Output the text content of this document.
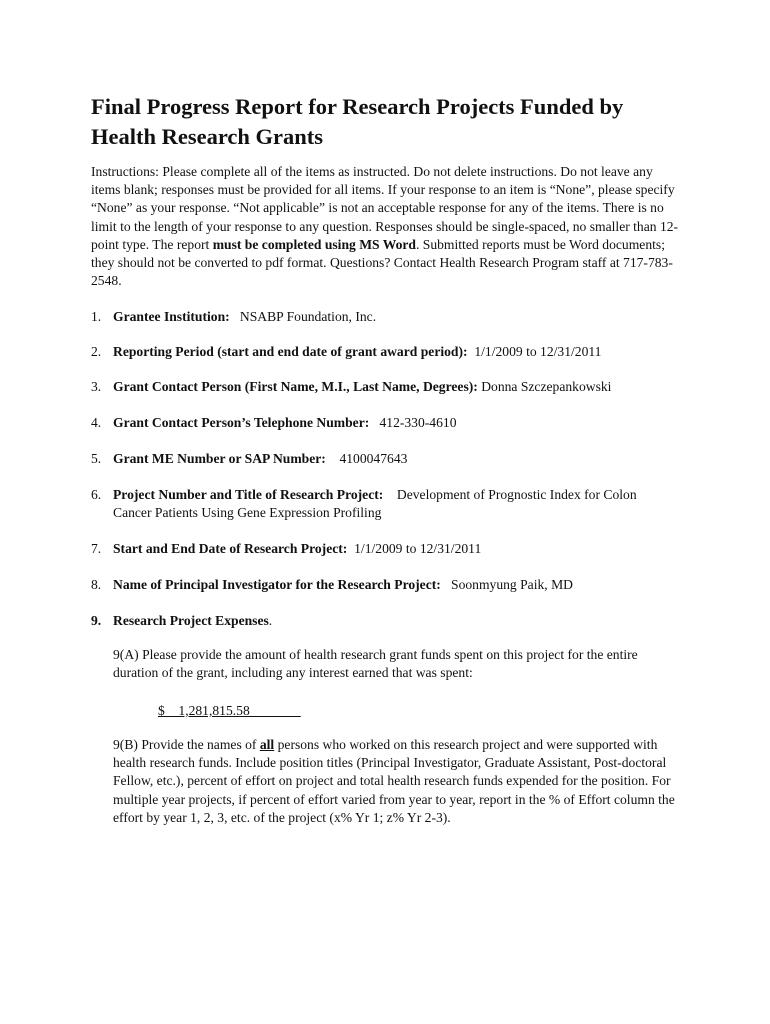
Final Progress Report for Research Projects Funded by Health Research Grants

Instructions: Please complete all of the items as instructed. Do not delete instructions. Do not leave any items blank; responses must be provided for all items. If your response to an item is “None”, please specify “None” as your response. “Not applicable” is not an acceptable response for any of the items. There is no limit to the length of your response to any question. Responses should be single-spaced, no smaller than 12-point type. The report must be completed using MS Word. Submitted reports must be Word documents; they should not be converted to pdf format. Questions? Contact Health Research Program staff at 717-783-2548.

1. Grantee Institution: NSABP Foundation, Inc.
2. Reporting Period (start and end date of grant award period): 1/1/2009 to 12/31/2011
3. Grant Contact Person (First Name, M.I., Last Name, Degrees): Donna Szczepankowski
4. Grant Contact Person’s Telephone Number: 412-330-4610
5. Grant ME Number or SAP Number: 4100047643
6. Project Number and Title of Research Project: Development of Prognostic Index for Colon Cancer Patients Using Gene Expression Profiling
7. Start and End Date of Research Project: 1/1/2009 to 12/31/2011
8. Name of Principal Investigator for the Research Project: Soonmyung Paik, MD
9. Research Project Expenses.

9(A) Please provide the amount of health research grant funds spent on this project for the entire duration of the grant, including any interest earned that was spent:

$    1,281,815.58

9(B) Provide the names of all persons who worked on this research project and were supported with health research funds. Include position titles (Principal Investigator, Graduate Assistant, Post-doctoral Fellow, etc.), percent of effort on project and total health research funds expended for the position. For multiple year projects, if percent of effort varied from year to year, report in the % of Effort column the effort by year 1, 2, 3, etc. of the project (x% Yr 1; z% Yr 2-3).
